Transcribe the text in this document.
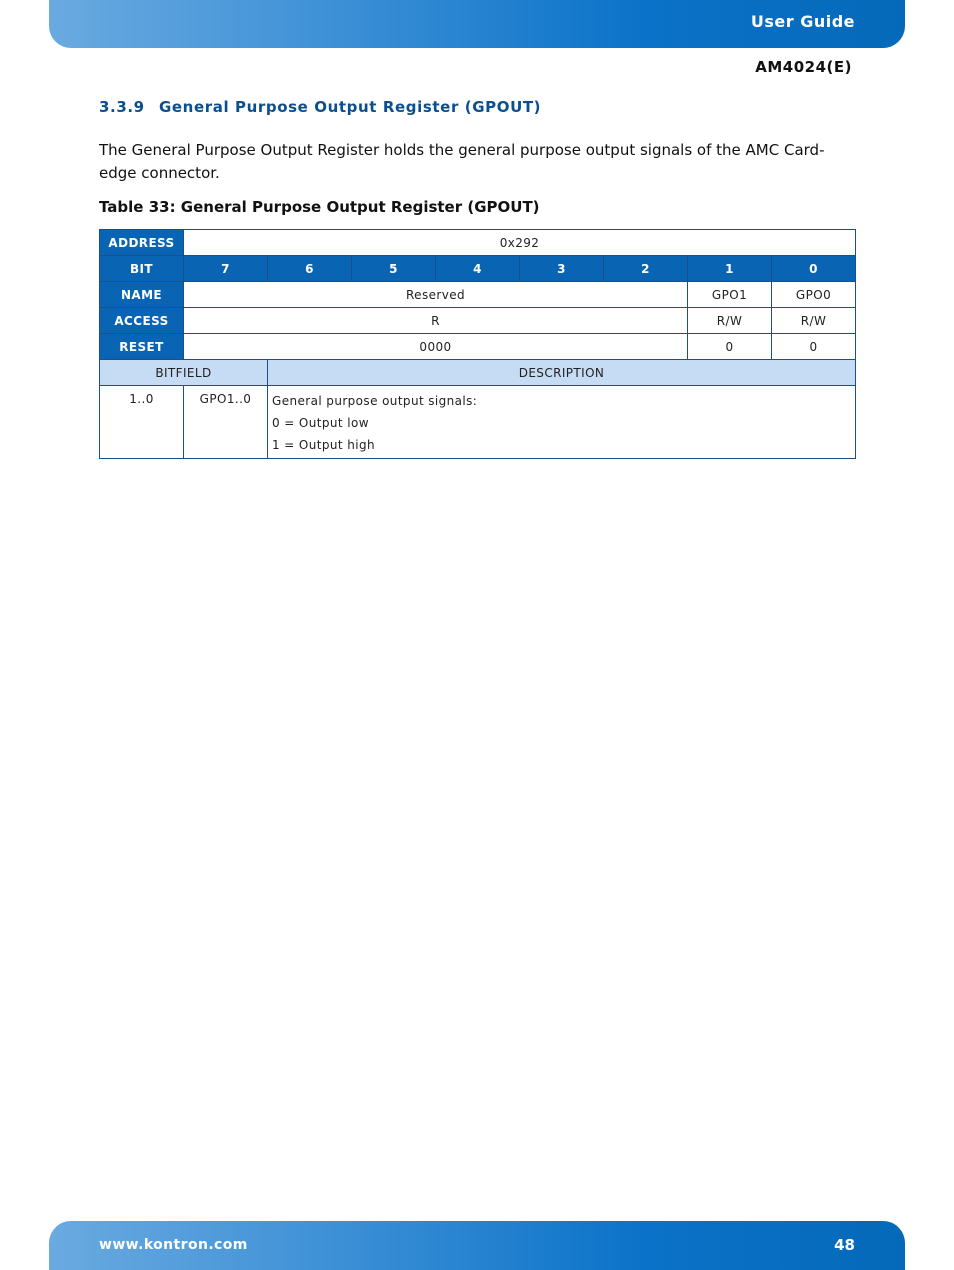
User Guide
AM4024(E)
3.3.9 General Purpose Output Register (GPOUT)
The General Purpose Output Register holds the general purpose output signals of the AMC Card-edge connector.
Table 33: General Purpose Output Register (GPOUT)
ADDRESS	0x292							
BIT	7	6	5	4	3	2	1	0
NAME	Reserved						GPO1	GPO0
ACCESS	R						R/W	R/W
RESET	0000						0	0
BITFIELD		DESCRIPTION						
1..0	GPO1..0	General purpose output signals:
0 = Output low
1 = Output high						
www.kontron.com	48
